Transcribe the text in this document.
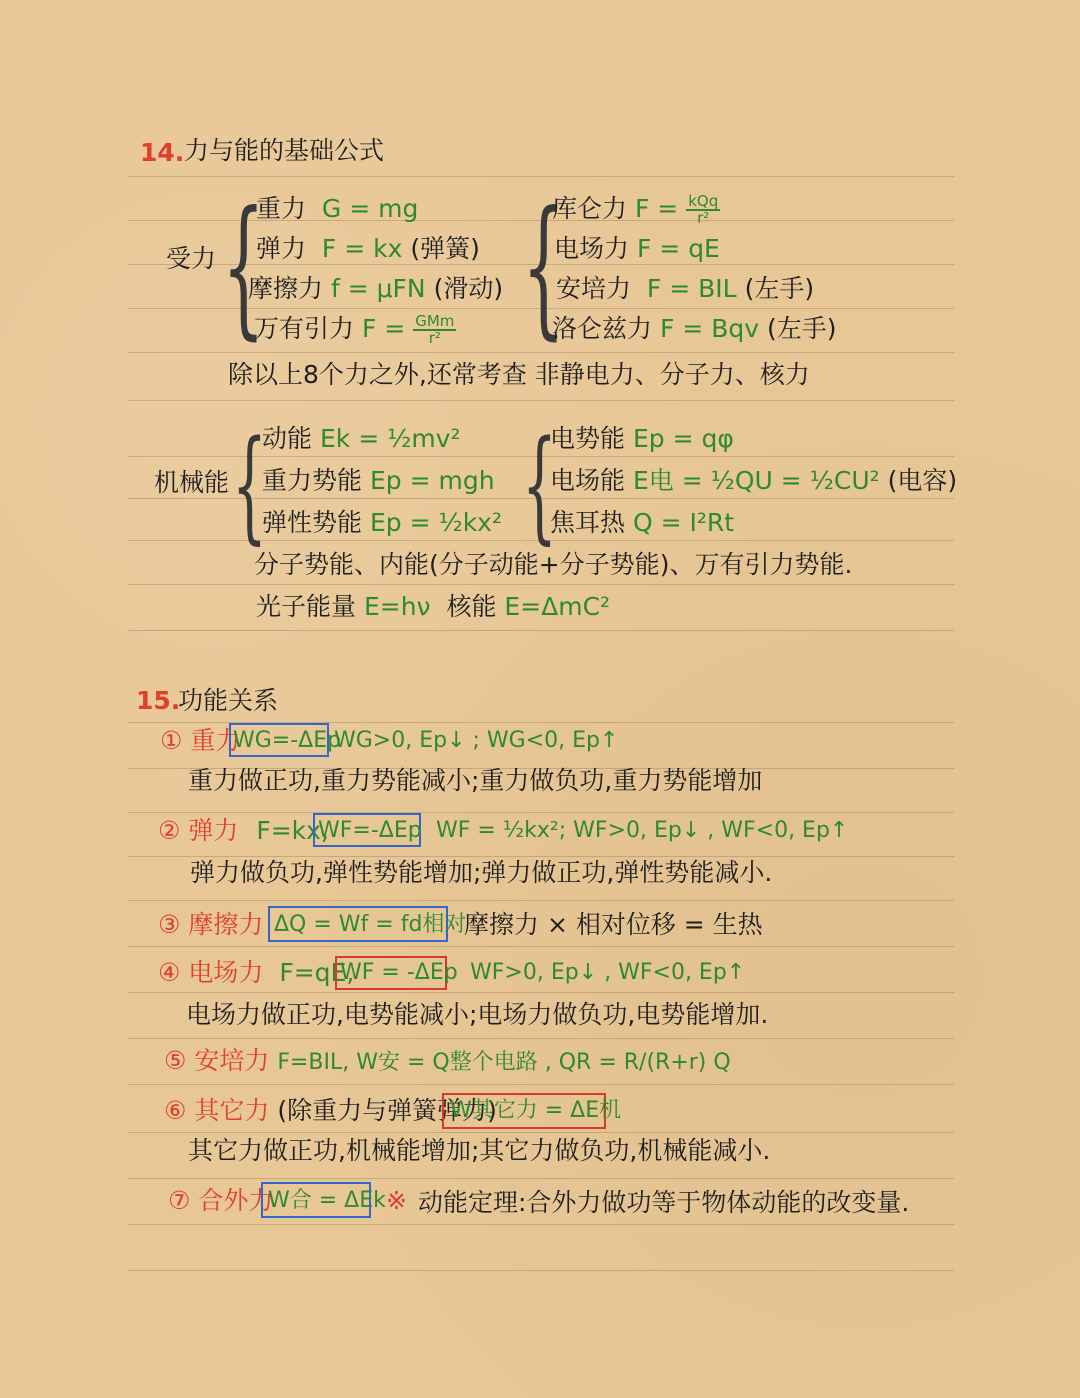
14. 力与能的基础公式
受力 {
重力 G = mg
弹力 F = kx (弹簧)
摩擦力 f = μFN (滑动)
万有引力 $F = \frac{\text{GMm}}{\text{r²}}$ {
库仑力 $F = \frac{\text{kQq}}{\text{r²}}$
电场力 F = qE
安培力 F = BIL (左手)
洛仑兹力 F = Bqv (左手)
除以上8个力之外,还常考查 非静电力、分子力、核力
机械能 {
动能 Ek = ½mv²
重力势能 Ep = mgh
弹性势能 Ep = ½kx² {
电势能 Ep = qφ
电场能 E电 = ½QU = ½CU² (电容)
焦耳热 Q = I²Rt
分子势能、内能(分子动能+分子势能)、万有引力势能.
光子能量 E=hν 核能 E=ΔmC²
15.
功能关系
① 重力
WG=-ΔEp
WG>0, Ep↓ ; WG<0, Ep↑
重力做正功,重力势能减小;重力做负功,重力势能增加
② 弹力 F=kx,
WF=-ΔEp WF = ½kx²; WF>0, Ep↓ , WF<0, Ep↑
弹力做负功,弹性势能增加;弹力做正功,弹性势能减小.
③ 摩擦力 ΔQ = Wf = fd相对
摩擦力 × 相对位移 = 生热
④ 电场力 F=qE,
WF = -ΔEp WF>0, Ep↓ , WF<0, Ep↑
电场力做正功,电势能减小;电场力做负功,电势能增加.
⑤ 安培力 F=BIL, W安 = Q整个电路 , QR = R/(R+r) Q
⑥ 其它力 (除重力与弹簧弹力)
W其它力 = ΔE机
其它力做正功,机械能增加;其它力做负功,机械能减小.
⑦ 合外力
W合 = ΔEk ※ 动能定理:合外力做功等于物体动能的改变量.
